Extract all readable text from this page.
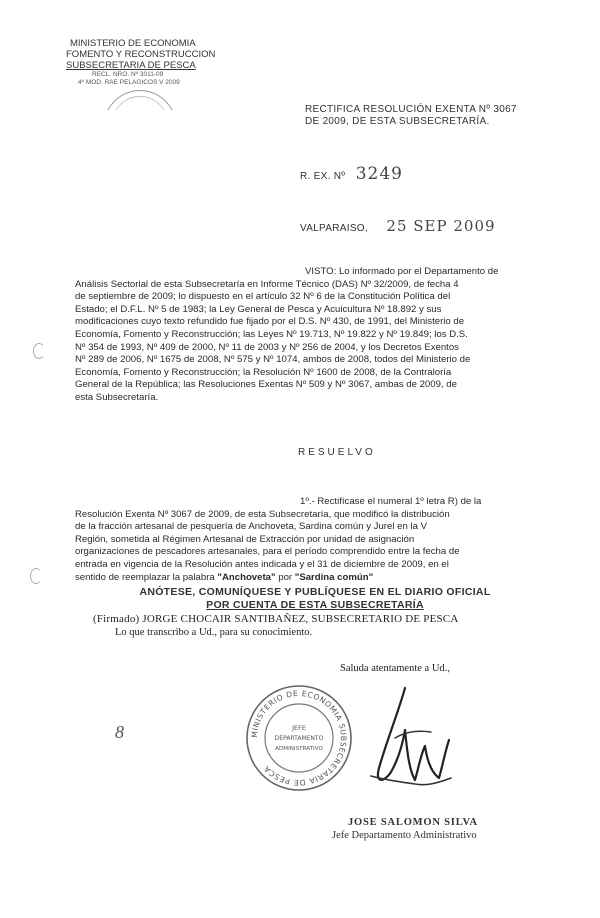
MINISTERIO DE ECONOMIA
FOMENTO Y RECONSTRUCCION
SUBSECRETARIA DE PESCA
RECL. NRO. Nº 3011-09
4º MOD. RAE PELAGICOS V 2009
RECTIFICA RESOLUCIÓN EXENTA Nº 3067
DE 2009, DE ESTA SUBSECRETARÍA.
R. EX. Nº 3249
VALPARAISO, 25 SEP 2009
VISTO: Lo informado por el Departamento de
Análisis Sectorial de esta Subsecretaría en Informe Técnico (DAS) Nº 32/2009, de fecha 4
de septiembre de 2009; lo dispuesto en el artículo 32 Nº 6 de la Constitución Política del
Estado; el D.F.L. Nº 5 de 1983; la Ley General de Pesca y Acuicultura Nº 18.892 y sus
modificaciones cuyo texto refundido fue fijado por el D.S. Nº 430, de 1991, del Ministerio de
Economía, Fomento y Reconstrucción; las Leyes Nº 19.713, Nº 19.822 y Nº 19.849; los D.S.
Nº 354 de 1993, Nº 409 de 2000, Nº 11 de 2003 y Nº 256 de 2004, y los Decretos Exentos
Nº 289 de 2006, Nº 1675 de 2008, Nº 575 y Nº 1074, ambos de 2008, todos del Ministerio de
Economía, Fomento y Reconstrucción; la Resolución Nº 1600 de 2008, de la Contraloría
General de la República; las Resoluciones Exentas Nº 509 y Nº 3067, ambas de 2009, de
esta Subsecretaría.
RESUELVO
1º.- Rectifícase el numeral 1º letra R) de la
Resolución Exenta Nº 3067 de 2009, de esta Subsecretaría, que modificó la distribución
de la fracción artesanal de pesquería de Anchoveta, Sardina común y Jurel en la V
Región, sometida al Régimen Artesanal de Extracción por unidad de asignación
organizaciones de pescadores artesanales, para el período comprendido entre la fecha de
entrada en vigencia de la Resolución antes indicada y el 31 de diciembre de 2009, en el
sentido de reemplazar la palabra "Anchoveta" por "Sardina común"
ANÓTESE, COMUNÍQUESE Y PUBLÍQUESE EN EL DIARIO OFICIAL
POR CUENTA DE ESTA SUBSECRETARÍA
(Firmado) JORGE CHOCAIR SANTIBAÑEZ, SUBSECRETARIO DE PESCA
Lo que transcribo a Ud., para su conocimiento.
Saluda atentamente a Ud.,
MINISTERIO DE ECONOMIA SUBSECRETARIA DE PESCA
JEFE
DEPARTAMENTO
ADMINISTRATIVO
JOSE SALOMON SILVA
Jefe Departamento Administrativo
8
